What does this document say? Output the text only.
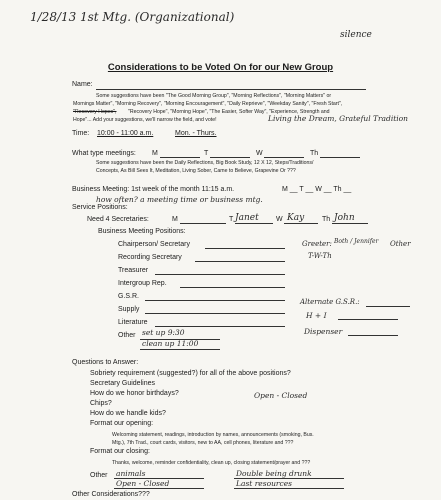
1/28/13 1st Mtg. (Organizational)
silence
Considerations to be Voted On for our New Group
Name:
Some suggestions have been "The Good Morning Group", "Morning Reflections", "Morning Matters" or
Mornings Matter", "Morning Recovery", "Morning Encouragement", "Daily Reprieve", "Weekday Sanity", "Fresh Start",
"Recovery Hopes", "Recovery Hope", "Morning Hope", "The Easier, Softer Way", "Experience, Strength and
Hope"... Add your suggestions, we'll narrow the field, and vote!	Living the Dream, Grateful Tradition
Time: 10:00 - 11:00 a.m.	Mon. - Thurs.
What type meetings: M	T	W	Th
Some suggestions have been the Daily Reflections, Big Book Study, 12 X 12, Steps/Traditions/
Concepts, As Bill Sees It, Meditation, Living Sober, Came to Believe, Grapevine Or ???
Business Meeting: 1st week of the month 11:15 a.m.	M __ T __ W __ Th __
how often? a meeting time or business mtg.
Service Positions:
Need 4 Secretaries:	M	T Janet W Kay	Th John
Business Meeting Positions:
Chairperson/ Secretary
Recording Secretary
Treasurer
Intergroup Rep.
G.S.R.
Supply
Literature
Other set up 9:30
clean up 11:00
Greeter: Both / Jennifer Other
T-W-Th
Alternate G.S.R.:
H + I
Dispenser
Questions to Answer:
Sobriety requirement (suggested?) for all of the above positions?
Secretary Guidelines
How do we honor birthdays?	Open - Closed
Chips?
How do we handle kids?
Format our opening:
Welcoming statement, readings, introduction by names, announcements (smoking, Bus.
Mtg.), 7th Trad., court cards, visitors, new to AA, cell phones, literature and ???
Format our closing:
Thanks, welcome, reminder confidentiality, clean up, closing statement/prayer and ???
Other animals
Open - Closed
Double being drunk
Last resources
Other Considerations???
